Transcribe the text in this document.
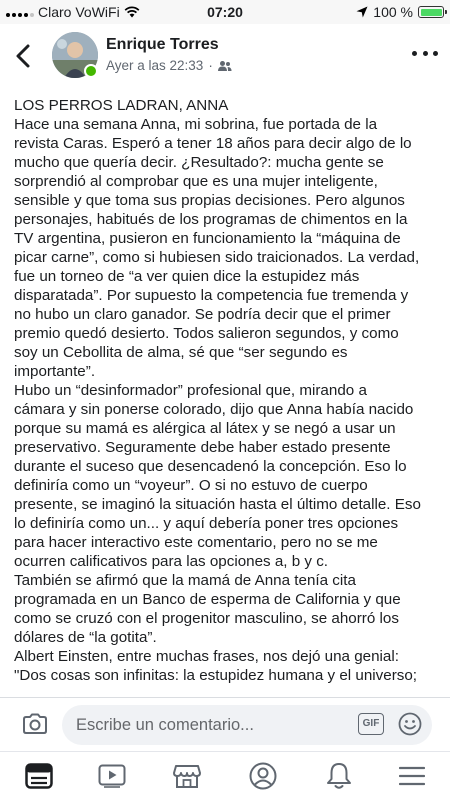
Claro VoWiFi	07:20	100 %
Enrique Torres
Ayer a las 22:33 ·

LOS PERROS LADRAN, ANNA

Hace una semana Anna, mi sobrina, fue portada de la

revista Caras. Esperó a tener 18 años para decir algo de lo

mucho que quería decir. ¿Resultado?: mucha gente se

sorprendió al comprobar que es una mujer inteligente,

sensible y que toma sus propias decisiones. Pero algunos

personajes, habitués de los programas de chimentos en la

TV argentina, pusieron en funcionamiento la “máquina de

picar carne”, como si hubiesen sido traicionados. La verdad,

fue un torneo de “a ver quien dice la estupidez más

disparatada”. Por supuesto la competencia fue tremenda y

no hubo un claro ganador. Se podría decir que el primer

premio quedó desierto. Todos salieron segundos, y como

soy un Cebollita de alma, sé que “ser segundo es

importante”.

Hubo un “desinformador” profesional que, mirando a

cámara y sin ponerse colorado, dijo que Anna había nacido

porque su mamá es alérgica al látex y se negó a usar un

preservativo. Seguramente debe haber estado presente

durante el suceso que desencadenó la concepción. Eso lo

definiría como un “voyeur”. O si no estuvo de cuerpo

presente, se imaginó la situación hasta el último detalle. Eso

lo definiría como un... y aquí debería poner tres opciones

para hacer interactivo este comentario, pero no se me

ocurren calificativos para las opciones a, b y c.

También se afirmó que la mamá de Anna tenía cita

programada en un Banco de esperma de California y que

como se cruzó con el progenitor masculino, se ahorró los

dólares de “la gotita”.

Albert Einsten, entre muchas frases, nos dejó una genial:

"Dos cosas son infinitas: la estupidez humana y el universo;

Escribe un comentario...	GIF
